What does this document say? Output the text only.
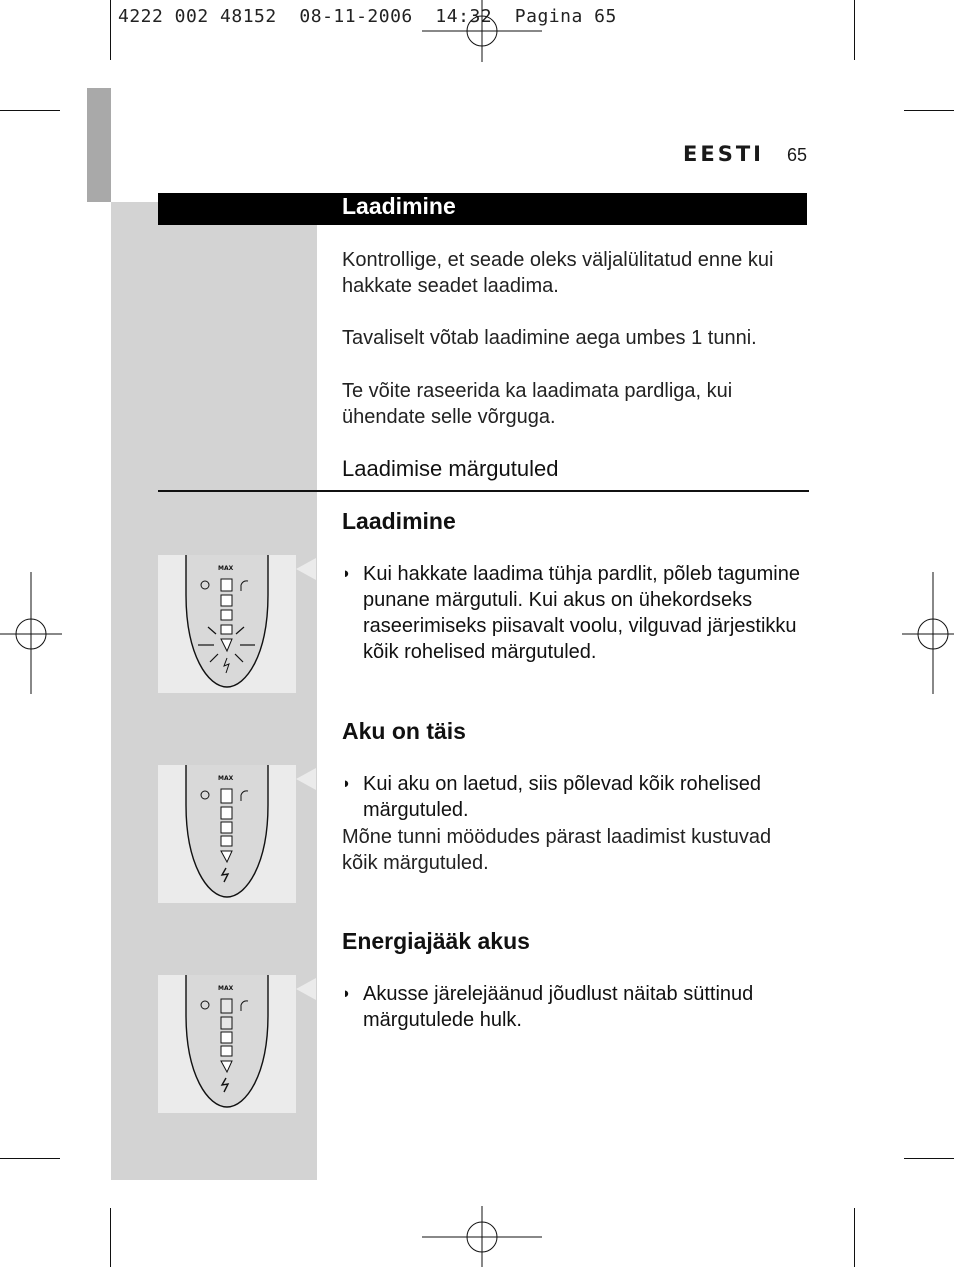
4222 002 48152  08-11-2006  14:32  Pagina 65
EESTI 65
Laadimine
Kontrollige, et seade oleks väljalülitatud enne kui hakkate seadet laadima.
Tavaliselt võtab laadimine aega umbes 1 tunni.
Te võite raseerida ka laadimata pardliga, kui ühendate selle võrguga.
Laadimise märgutuled
Laadimine
◗ Kui hakkate laadima tühja pardlit, põleb tagumine punane märgutuli. Kui akus on ühekordseks raseerimiseks piisavalt voolu, vilguvad järjestikku kõik rohelised märgutuled.
Aku on täis
◗ Kui aku on laetud, siis põlevad kõik rohelised märgutuled.
Mõne tunni möödudes pärast laadimist kustuvad kõik märgutuled.
Energiajääk akus
◗ Akusse järelejäänud jõudlust näitab süttinud märgutulede hulk.
MAX
MAX
MAX
